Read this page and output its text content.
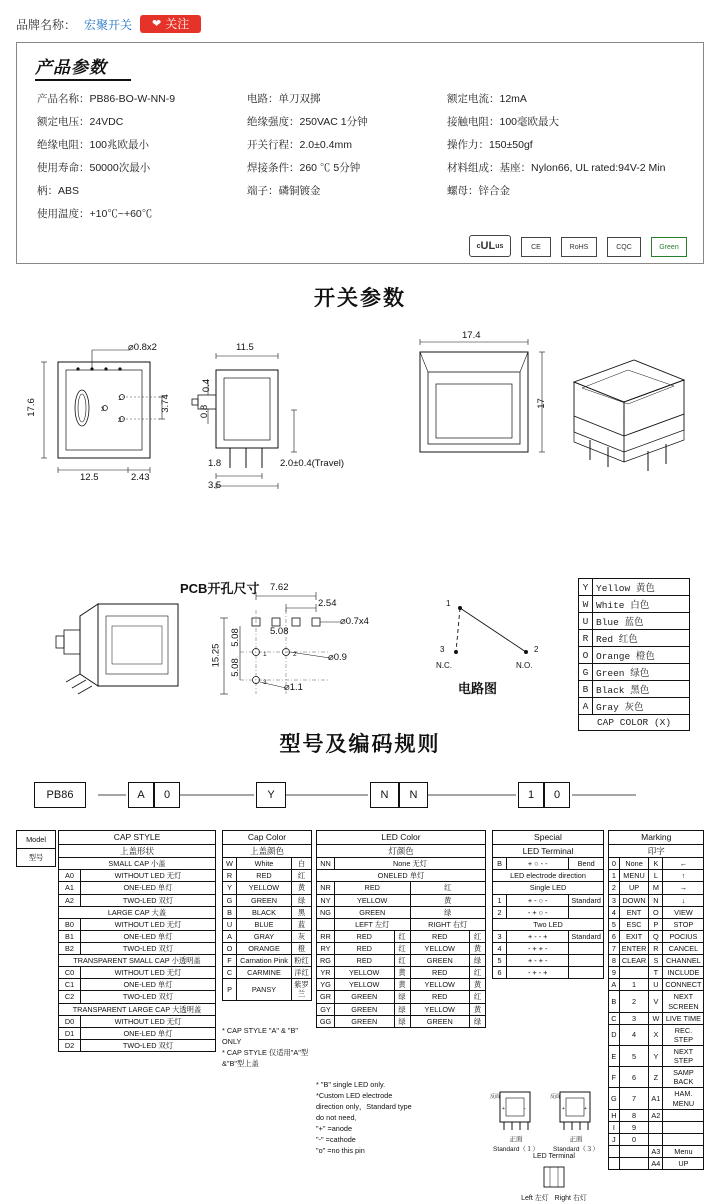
品牌名称： 宏聚开关 ❤ 关注
产品参数
产品名称：PB86-BO-W-NN-9	电路：单刀双掷	额定电流：12mA
额定电压：24VDC	绝缘强度：250VAC 1分钟	接触电阻：100毫欧最大
绝缘电阻：100兆欧最小	开关行程：2.0±0.4mm	操作力：150±50gf
使用寿命：50000次最小	焊接条件：260 ℃ 5分钟	材料组成：基座：Nylon66, UL rated:94V-2 Min
柄：ABS	端子：磷铜镀金	螺母：锌合金
使用温度：+10℃~+60℃		
c UL us	CE	RoHS	CQC	Green
开关参数
1
2
3
⌀0.8x2
17.6
12.5	2.43
3.74
11.5
0.4
0.8
1.8
3.5
2.0±0.4(Travel)
17.4
17
1
3
2
PCB开孔尺寸 7.62
2.54
⌀0.7x4
15.25
5.08
5.08
5.08
⌀0.9
⌀1.1
1
3	2
N.C.	N.O.
电路图
Y	Yellow 黄色
W	White 白色
U	Blue 蓝色
R	Red 红色
O	Orange 橙色
G	Green 绿色
B	Black 黑色
A	Gray 灰色
CAP COLOR (X)	
型号及编码规则
PB86	A	0	Y	N	N	1	0
Model
型号
CAP STYLE	
上盖形状	
SMALL CAP 小盖	
A0	WITHOUT LED 无灯
A1	ONE-LED 单灯
A2	TWO-LED 双灯
LARGE CAP 大盖	
B0	WITHOUT LED 无灯
B1	ONE-LED 单灯
B2	TWO-LED 双灯
TRANSPARENT SMALL CAP 小透明盖	
C0	WITHOUT LED 无灯
C1	ONE-LED 单灯
C2	TWO-LED 双灯
TRANSPARENT LARGE CAP 大透明盖	
D0	WITHOUT LED 无灯
D1	ONE-LED 单灯
D2	TWO-LED 双灯
Cap Color		
上盖颜色		
W	White	白
R	RED	红
Y	YELLOW	黄
G	GREEN	绿
B	BLACK	黑
U	BLUE	蓝
A	GRAY	灰
O	ORANGE	橙
F	Carnation Pink	粉红
C	CARMINE	洋红
P	PANSY	紫罗兰
* CAP STYLE "A" & "B" ONLY
* CAP STYLE 仅适用"A"型&"B"型上盖
LED Color				
灯颜色				
NN	None 无灯			
ONELED 单灯				
NR	RED		红	
NY	YELLOW		黄	
NG	GREEN		绿	
	LEFT 左灯		RIGHT 右灯	
RR	RED	红	RED	红
RY	RED	红	YELLOW	黄
RG	RED	红	GREEN	绿
YR	YELLOW	黄	RED	红
YG	YELLOW	黄	YELLOW	黄
GR	GREEN	绿	RED	红
GY	GREEN	绿	YELLOW	黄
GG	GREEN	绿	GREEN	绿
* "B" single LED only.
*Custom LED electrode
direction only，Standard type
do not need．
"+" =anode
"-" =cathode
"o" =no this pin
Special		
LED Terminal		
B	+ ○ - -	Bend
LED electrode direction		
Single LED		
1	+ - ○ -	Standard
2	- + ○ -	
Two LED		
3	+ - - +	Standard
4	- + + -	
5	+ - + -	
6	- + - +	
+	-
反面
正面
Standard（１）
+	+
反面
正面
Standard（３）
LED Terminal
Left 左灯 Right 右灯
Marking			
印字			
0	None	K	←
1	MENU	L	↑
2	UP	M	→
3	DOWN	N	↓
4	ENT	O	VIEW
5	ESC	P	STOP
6	EXIT	Q	POCIUS
7	ENTER	R	CANCEL
8	CLEAR	S	CHANNEL
9		T	INCLUDE
A	1	U	CONNECT
B	2	V	NEXT SCREEN
C	3	W	LIVE TIME
D	4	X	REC. STEP
E	5	Y	NEXT STEP
F	6	Z	SAMP BACK
G	7	A1	HAM. MENU
H	8	A2	
I	9		
J	0		
		A3	Menu
		A4	UP
